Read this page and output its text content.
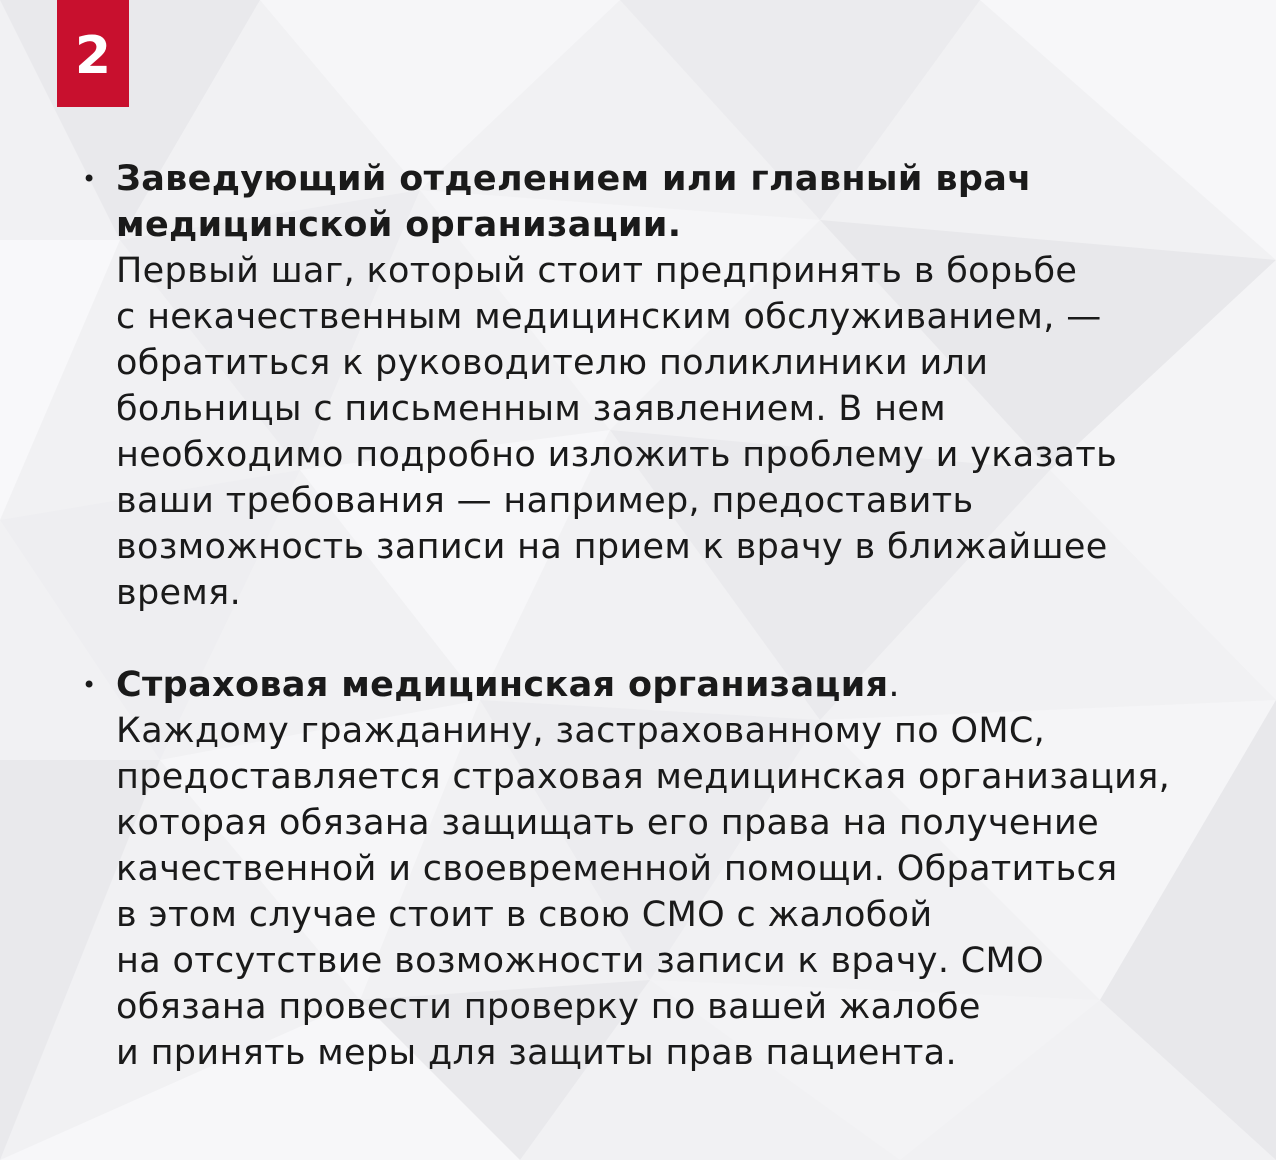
2
• Заведующий отделением или главный врач
медицинской организации.
Первый шаг, который стоит предпринять в борьбе
с некачественным медицинским обслуживанием, —
обратиться к руководителю поликлиники или
больницы с письменным заявлением. В нем
необходимо подробно изложить проблему и указать
ваши требования — например, предоставить
возможность записи на прием к врачу в ближайшее
время.
• Страховая медицинская организация.
Каждому гражданину, застрахованному по ОМС,
предоставляется страховая медицинская организация,
которая обязана защищать его права на получение
качественной и своевременной помощи. Обратиться
в этом случае стоит в свою СМО с жалобой
на отсутствие возможности записи к врачу. СМО
обязана провести проверку по вашей жалобе
и принять меры для защиты прав пациента.
